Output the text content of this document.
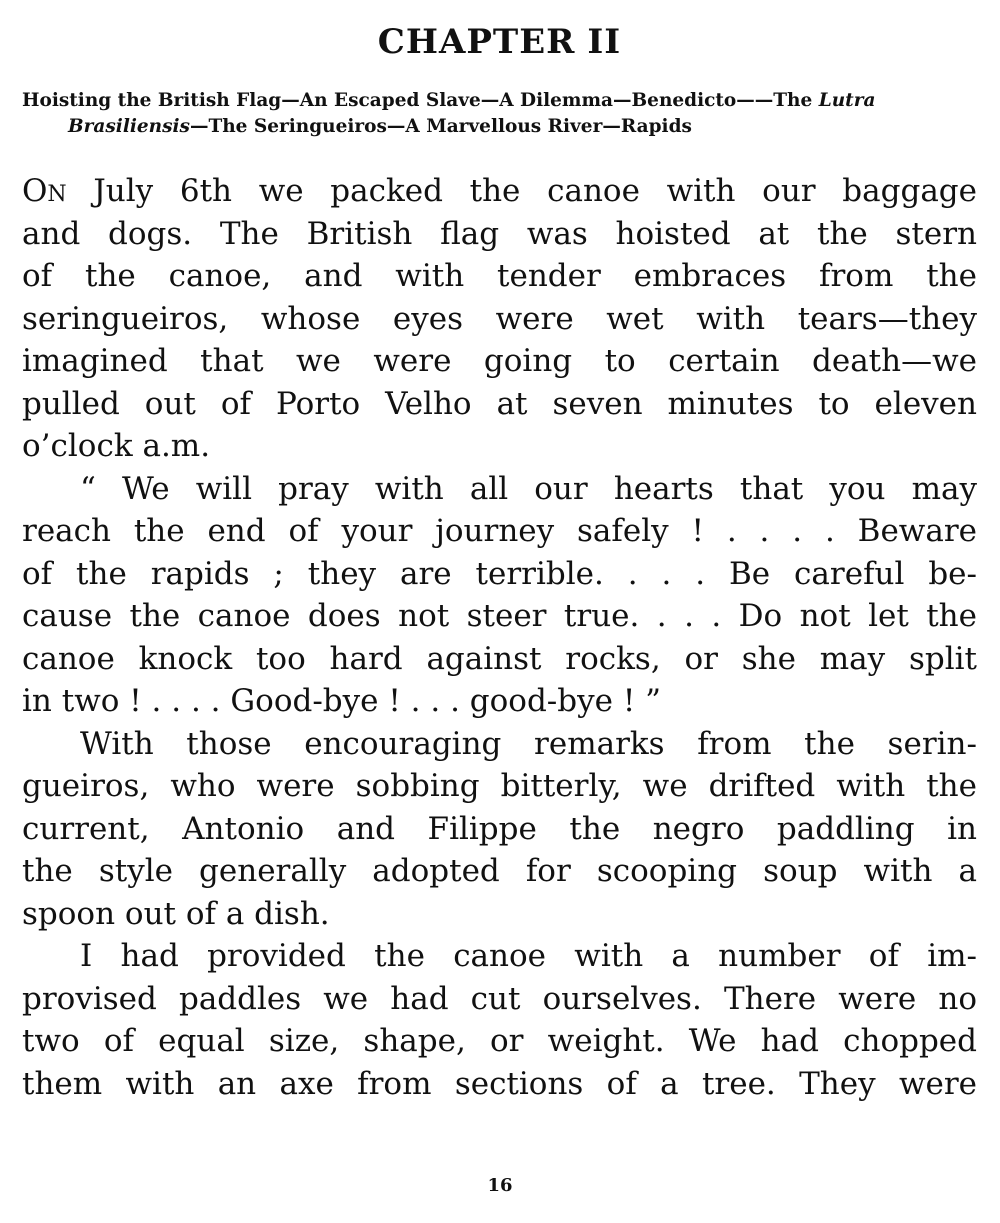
CHAPTER II
Hoisting the British Flag—An Escaped Slave—A Dilemma—Benedicto——The Lutra Brasiliensis—The Seringueiros—A Marvellous River—Rapids
On July 6th we packed the canoe with our baggage
and dogs. The British flag was hoisted at the stern
of the canoe, and with tender embraces from the
seringueiros, whose eyes were wet with tears—they
imagined that we were going to certain death—we
pulled out of Porto Velho at seven minutes to eleven
o’clock a.m.
“ We will pray with all our hearts that you may
reach the end of your journey safely ! . . . . Beware
of the rapids ; they are terrible. . . . Be careful be-
cause the canoe does not steer true. . . . Do not let the
canoe knock too hard against rocks, or she may split
in two ! . . . . Good-bye ! . . . good-bye ! ”
With those encouraging remarks from the serin-
gueiros, who were sobbing bitterly, we drifted with the
current, Antonio and Filippe the negro paddling in
the style generally adopted for scooping soup with a
spoon out of a dish.
I had provided the canoe with a number of im-
provised paddles we had cut ourselves. There were no
two of equal size, shape, or weight. We had chopped
them with an axe from sections of a tree. They were
16
